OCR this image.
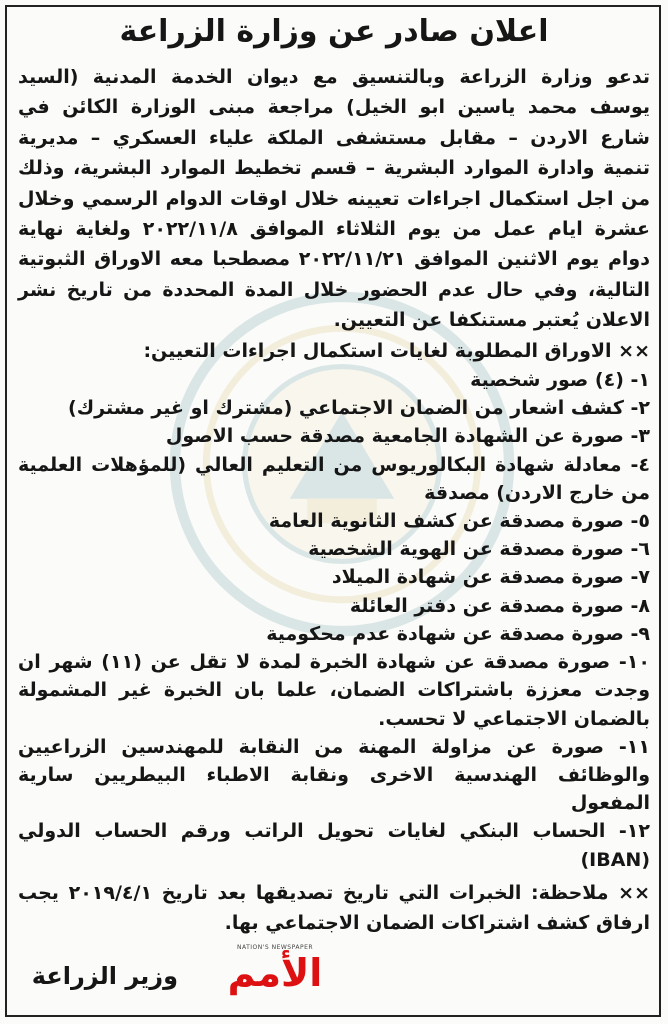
اعلان صادر عن وزارة الزراعة

تدعو وزارة الزراعة وبالتنسيق مع ديوان الخدمة المدنية (السيد يوسف محمد ياسين ابو الخيل) مراجعة مبنى الوزارة الكائن في شارع الاردن – مقابل مستشفى الملكة علياء العسكري – مديرية تنمية وادارة الموارد البشرية – قسم تخطيط الموارد البشرية، وذلك من اجل استكمال اجراءات تعيينه خلال اوقات الدوام الرسمي وخلال عشرة ايام عمل من يوم الثلاثاء الموافق ٢٠٢٢/١١/٨ ولغاية نهاية دوام يوم الاثنين الموافق ٢٠٢٢/١١/٢١ مصطحبا معه الاوراق الثبوتية التالية، وفي حال عدم الحضور خلال المدة المحددة من تاريخ نشر الاعلان يُعتبر مستنكفا عن التعيين.

×× الاوراق المطلوبة لغايات استكمال اجراءات التعيين:

١- (٤) صور شخصية
٢- كشف اشعار من الضمان الاجتماعي (مشترك او غير مشترك)
٣- صورة عن الشهادة الجامعية مصدقة حسب الاصول
٤- معادلة شهادة البكالوريوس من التعليم العالي (للمؤهلات العلمية من خارج الاردن) مصدقة
٥- صورة مصدقة عن كشف الثانوية العامة
٦- صورة مصدقة عن الهوية الشخصية
٧- صورة مصدقة عن شهادة الميلاد
٨- صورة مصدقة عن دفتر العائلة
٩- صورة مصدقة عن شهادة عدم محكومية
١٠- صورة مصدقة عن شهادة الخبرة لمدة لا تقل عن (١١) شهر ان وجدت معززة باشتراكات الضمان، علما بان الخبرة غير المشمولة بالضمان الاجتماعي لا تحسب.
١١- صورة عن مزاولة المهنة من النقابة للمهندسين الزراعيين والوظائف الهندسية الاخرى ونقابة الاطباء البيطريين سارية المفعول
١٢- الحساب البنكي لغايات تحويل الراتب ورقم الحساب الدولي (IBAN)

×× ملاحظة: الخبرات التي تاريخ تصديقها بعد تاريخ ٢٠١٩/٤/١ يجب ارفاق كشف اشتراكات الضمان الاجتماعي بها.

وزير الزراعة
NATION'S NEWSPAPER
الأمم
